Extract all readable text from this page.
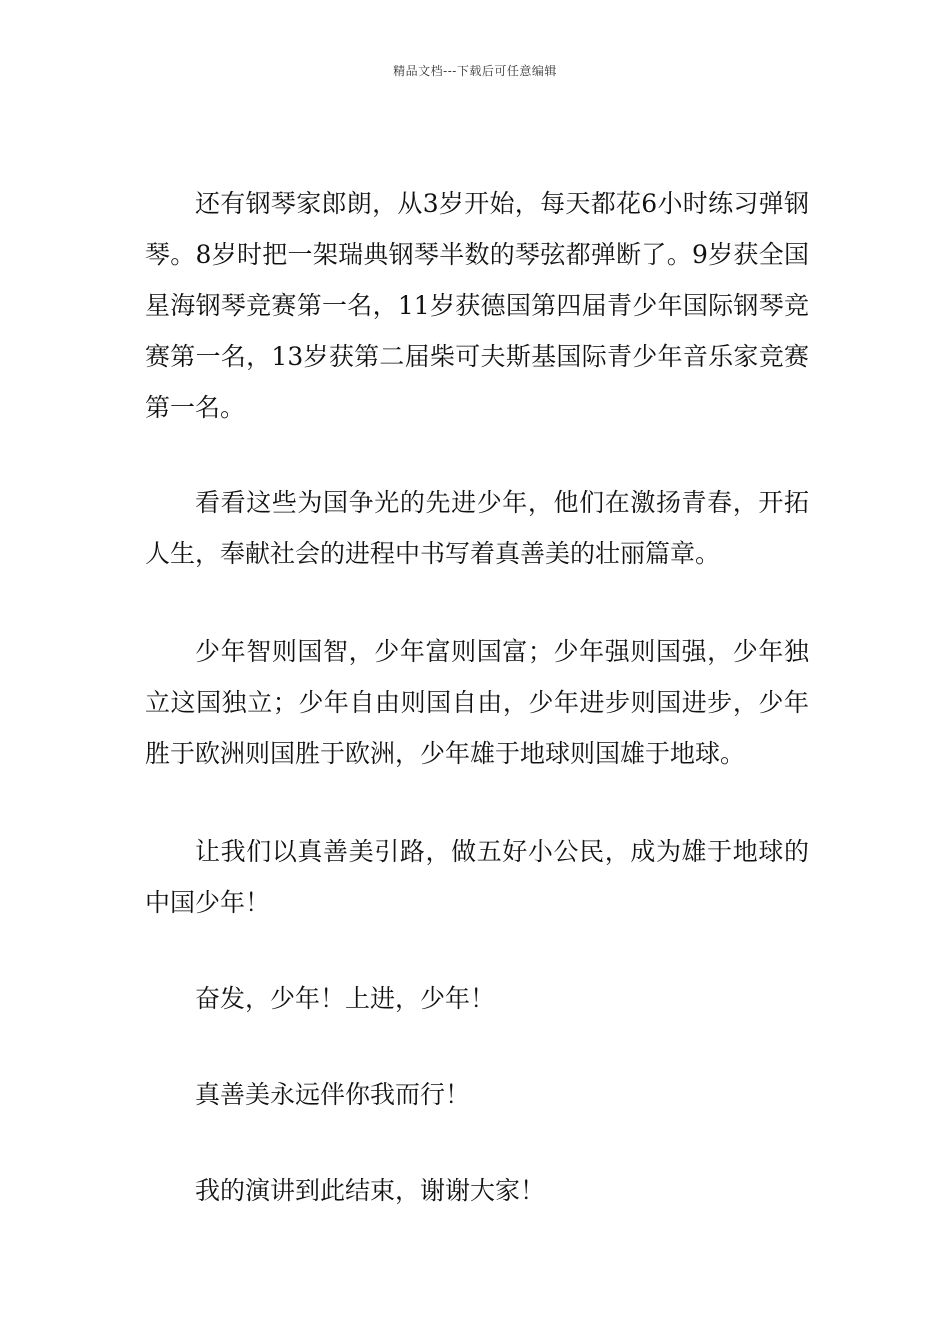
精品文档---下载后可任意编辑

还有钢琴家郎朗，从3岁开始，每天都花6小时练习弹钢琴。8岁时把一架瑞典钢琴半数的琴弦都弹断了。9岁获全国星海钢琴竞赛第一名，11岁获德国第四届青少年国际钢琴竞赛第一名，13岁获第二届柴可夫斯基国际青少年音乐家竞赛第一名。

看看这些为国争光的先进少年，他们在激扬青春，开拓人生，奉献社会的进程中书写着真善美的壮丽篇章。

少年智则国智，少年富则国富；少年强则国强，少年独立这国独立；少年自由则国自由，少年进步则国进步，少年胜于欧洲则国胜于欧洲，少年雄于地球则国雄于地球。

让我们以真善美引路，做五好小公民，成为雄于地球的中国少年！

奋发，少年！上进，少年！

真善美永远伴你我而行！

我的演讲到此结束，谢谢大家！
